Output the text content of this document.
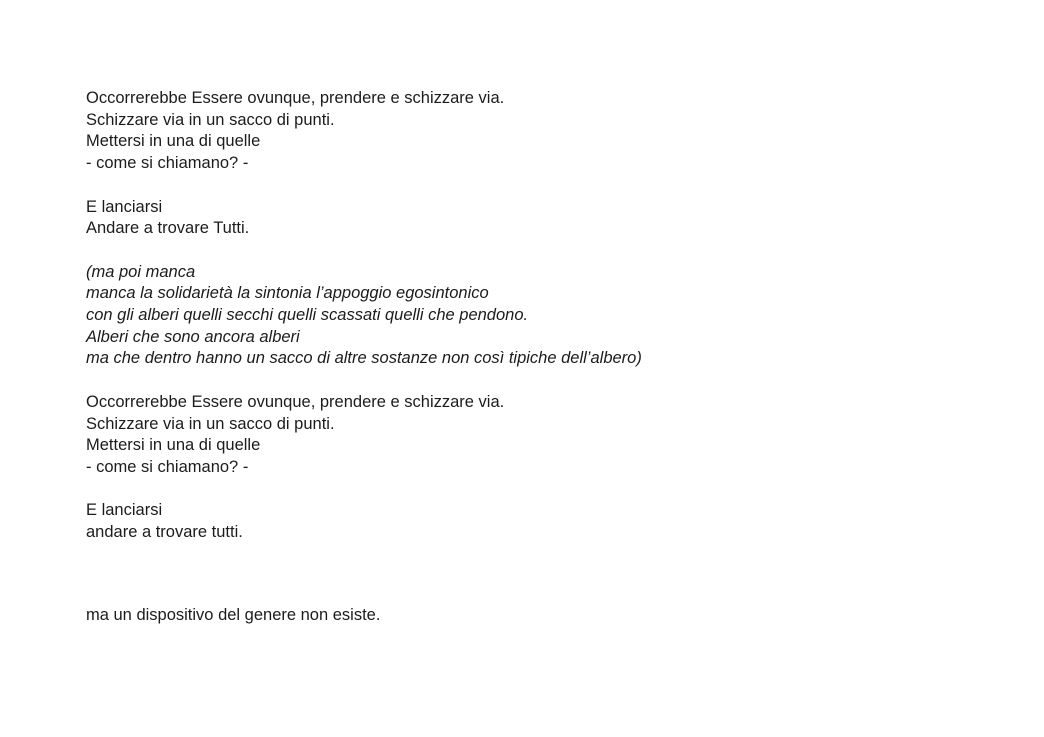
Occorrerebbe Essere ovunque, prendere e schizzare via.
Schizzare via in un sacco di punti.
Mettersi in una di quelle
- come si chiamano? -
E lanciarsi
Andare a trovare Tutti.
(ma poi manca
manca la solidarietà la sintonia l’appoggio egosintonico
con gli alberi quelli secchi quelli scassati quelli che pendono.
Alberi che sono ancora alberi
ma che dentro hanno un sacco di altre sostanze non così tipiche dell’albero)
Occorrerebbe Essere ovunque, prendere e schizzare via.
Schizzare via in un sacco di punti.
Mettersi in una di quelle
- come si chiamano? -
E lanciarsi
andare a trovare tutti.
ma un dispositivo del genere non esiste.
